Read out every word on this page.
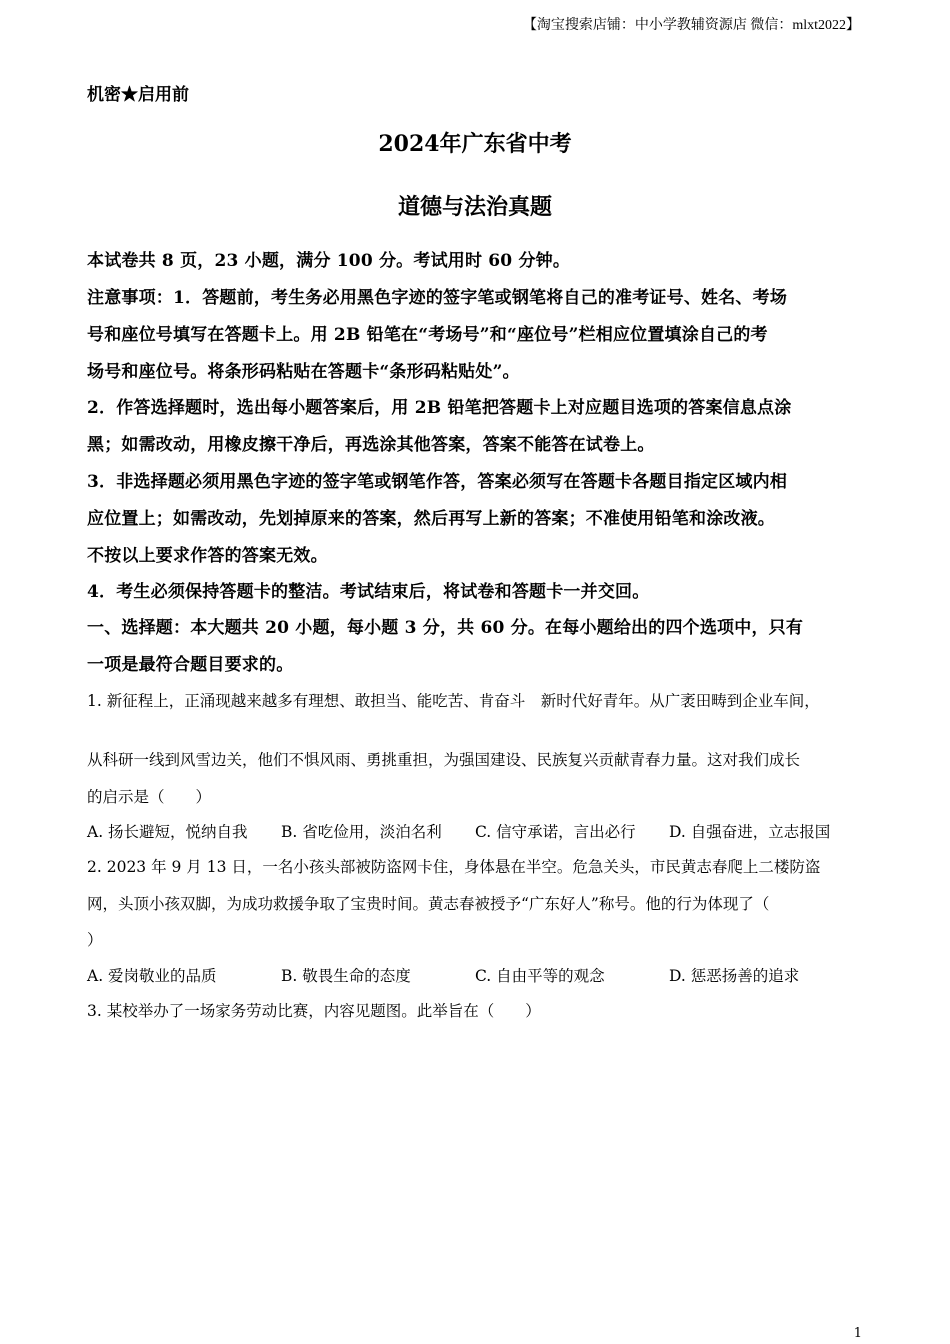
【淘宝搜索店铺：中小学教辅资源店 微信：mlxt2022】
机密★启用前
2024年广东省中考
道德与法治真题
本试卷共 8 页，23 小题，满分 100 分。考试用时 60 分钟。
注意事项：1．答题前，考生务必用黑色字迹的签字笔或钢笔将自己的准考证号、姓名、考场
号和座位号填写在答题卡上。用 2B 铅笔在“考场号”和“座位号”栏相应位置填涂自己的考
场号和座位号。将条形码粘贴在答题卡“条形码粘贴处”。
2．作答选择题时，选出每小题答案后，用 2B 铅笔把答题卡上对应题目选项的答案信息点涂
黑；如需改动，用橡皮擦干净后，再选涂其他答案，答案不能答在试卷上。
3．非选择题必须用黑色字迹的签字笔或钢笔作答，答案必须写在答题卡各题目指定区域内相
应位置上；如需改动，先划掉原来的答案，然后再写上新的答案；不准使用铅笔和涂改液。
不按以上要求作答的答案无效。
4．考生必须保持答题卡的整洁。考试结束后，将试卷和答题卡一并交回。
一、选择题：本大题共 20 小题，每小题 3 分，共 60 分。在每小题给出的四个选项中，只有
一项是最符合题目要求的。
1. 新征程上，正涌现越来越多有理想、敢担当、能吃苦、肯奋斗　新时代好青年。从广袤田畴到企业车间，
从科研一线到风雪边关，他们不惧风雨、勇挑重担，为强国建设、民族复兴贡献青春力量。这对我们成长
的启示是（　　）
A. 扬长避短，悦纳自我 B. 省吃俭用，淡泊名利 C. 信守承诺，言出必行 D. 自强奋进，立志报国
2. 2023 年 9 月 13 日，一名小孩头部被防盗网卡住，身体悬在半空。危急关头，市民黄志春爬上二楼防盗
网，头顶小孩双脚，为成功救援争取了宝贵时间。黄志春被授予“广东好人”称号。他的行为体现了（
）
A. 爱岗敬业的品质	B. 敬畏生命的态度	C. 自由平等的观念	D. 惩恶扬善的追求
3. 某校举办了一场家务劳动比赛，内容见题图。此举旨在（　　）
1
